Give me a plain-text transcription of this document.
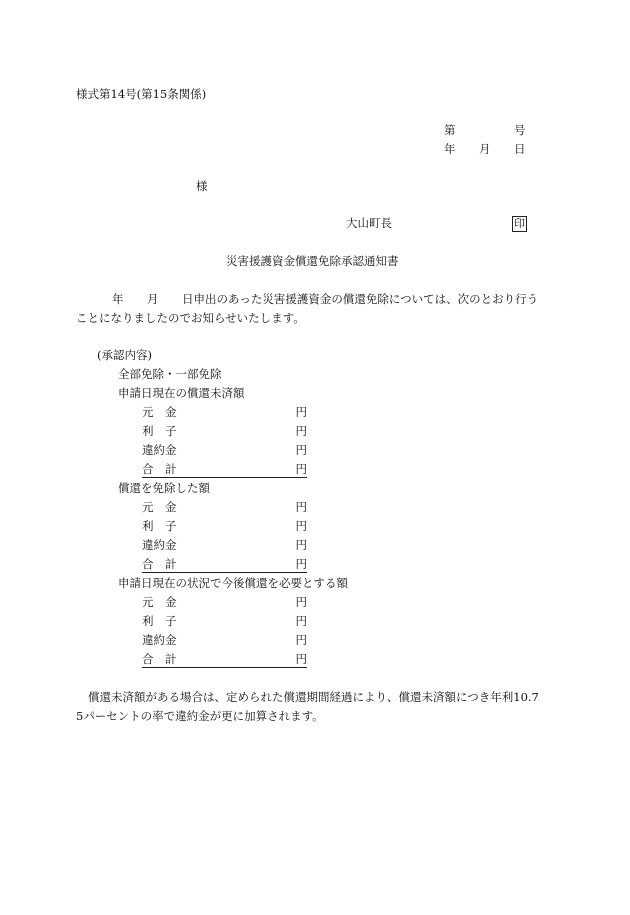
様式第14号(第15条関係)
第	号
年 月 日
様
大山町長	印
災害援護資金償還免除承認通知書
年 月 日申出のあった災害援護資金の償還免除については、次のとおり行う
ことになりましたのでお知らせいたします。
(承認内容)
全部免除・一部免除
申請日現在の償還未済額
元　金	円
利　子	円
違約金	円
合　計	円
償還を免除した額
元　金	円
利　子	円
違約金	円
合　計	円
申請日現在の状況で今後償還を必要とする額
元　金	円
利　子	円
違約金	円
合　計	円
償還未済額がある場合は、定められた償還期間経過により、償還未済額につき年利10.7
5パーセントの率で違約金が更に加算されます。
